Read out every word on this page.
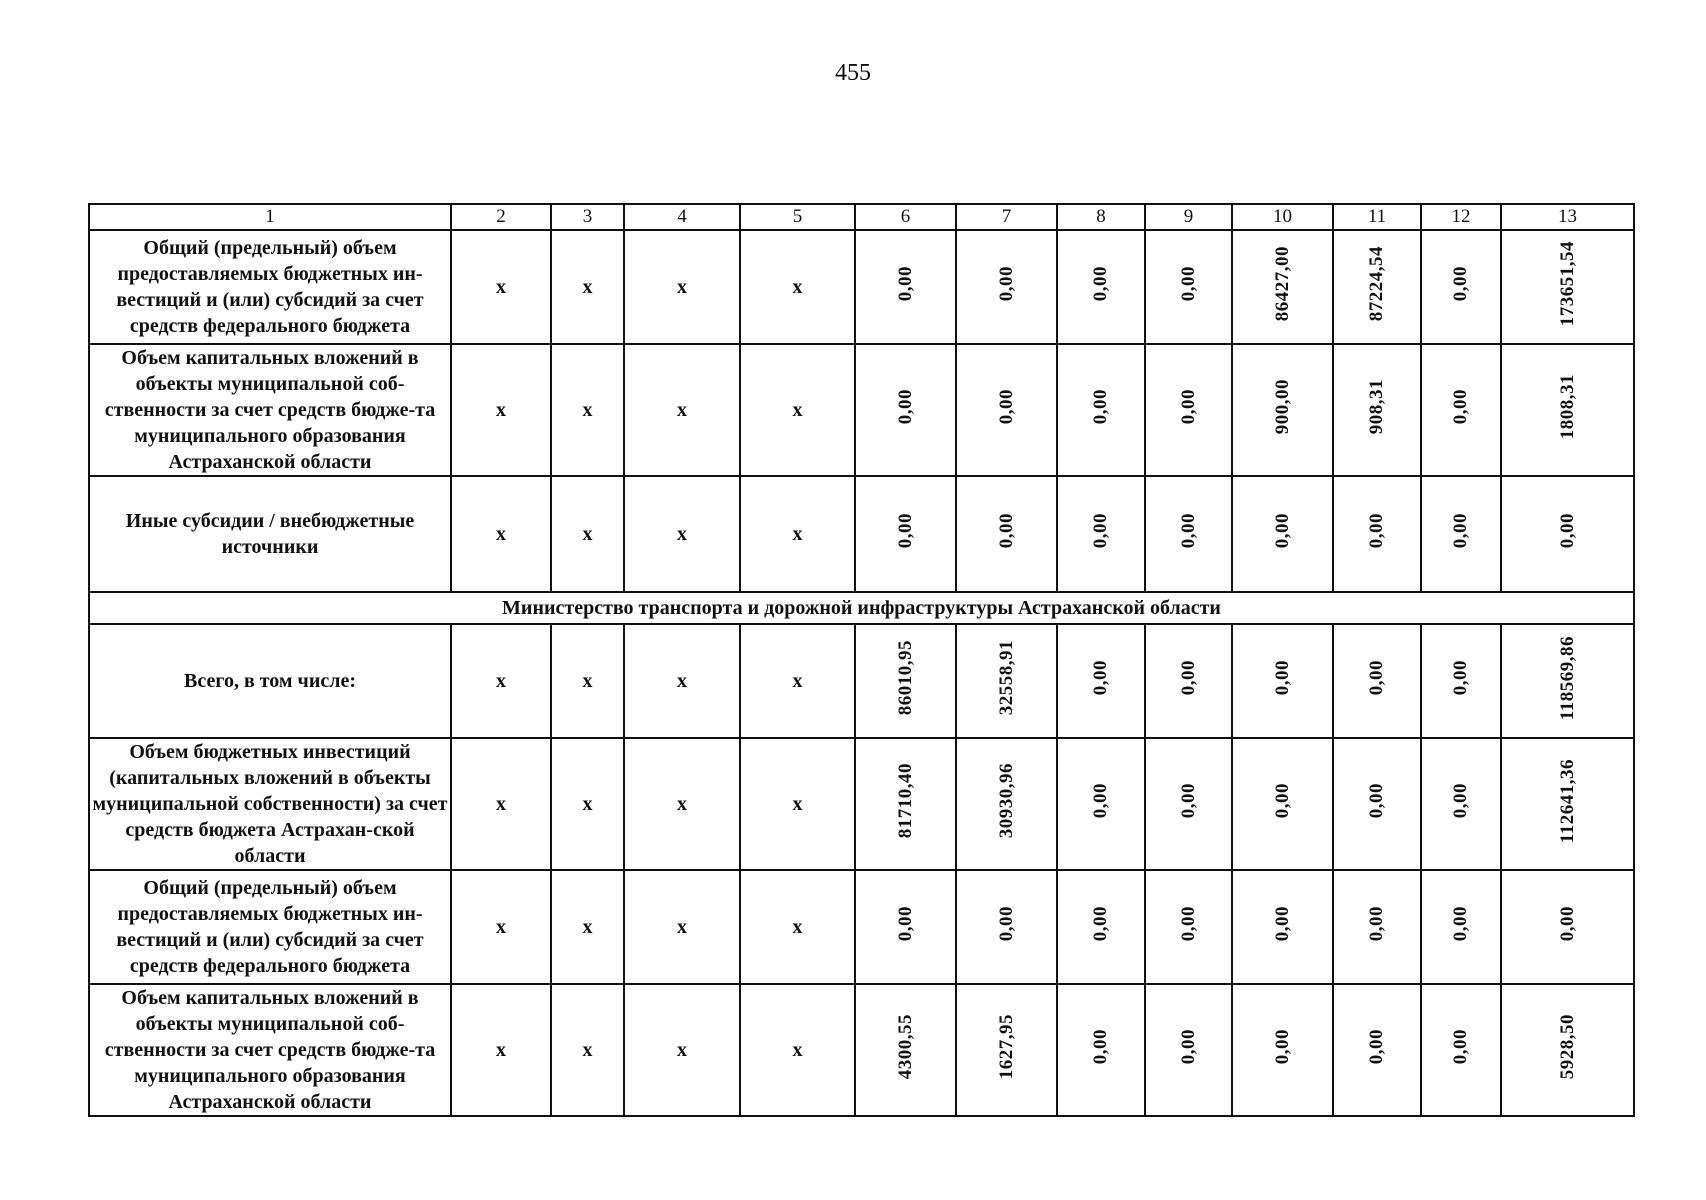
455
1	2	3	4	5	6	7	8	9	10	11	12	13
Общий (предельный) объем предоставляемых бюджетных ин-вестиций и (или) субсидий за счет средств федерального бюджета	x	x	x	x	0,00	0,00	0,00	0,00	86427,00	87224,54	0,00	173651,54
Объем капитальных вложений в объекты муниципальной соб-ственности за счет средств бюдже-та муниципального образования Астраханской области	x	x	x	x	0,00	0,00	0,00	0,00	900,00	908,31	0,00	1808,31
Иные субсидии / внебюджетные источники	x	x	x	x	0,00	0,00	0,00	0,00	0,00	0,00	0,00	0,00
Министерство транспорта и дорожной инфраструктуры Астраханской области												
Всего, в том числе:	x	x	x	x	86010,95	32558,91	0,00	0,00	0,00	0,00	0,00	118569,86
Объем бюджетных инвестиций (капитальных вложений в объекты муниципальной собственности) за счет средств бюджета Астрахан-ской области	x	x	x	x	81710,40	30930,96	0,00	0,00	0,00	0,00	0,00	112641,36
Общий (предельный) объем предоставляемых бюджетных ин-вестиций и (или) субсидий за счет средств федерального бюджета	x	x	x	x	0,00	0,00	0,00	0,00	0,00	0,00	0,00	0,00
Объем капитальных вложений в объекты муниципальной соб-ственности за счет средств бюдже-та муниципального образования Астраханской области	x	x	x	x	4300,55	1627,95	0,00	0,00	0,00	0,00	0,00	5928,50
